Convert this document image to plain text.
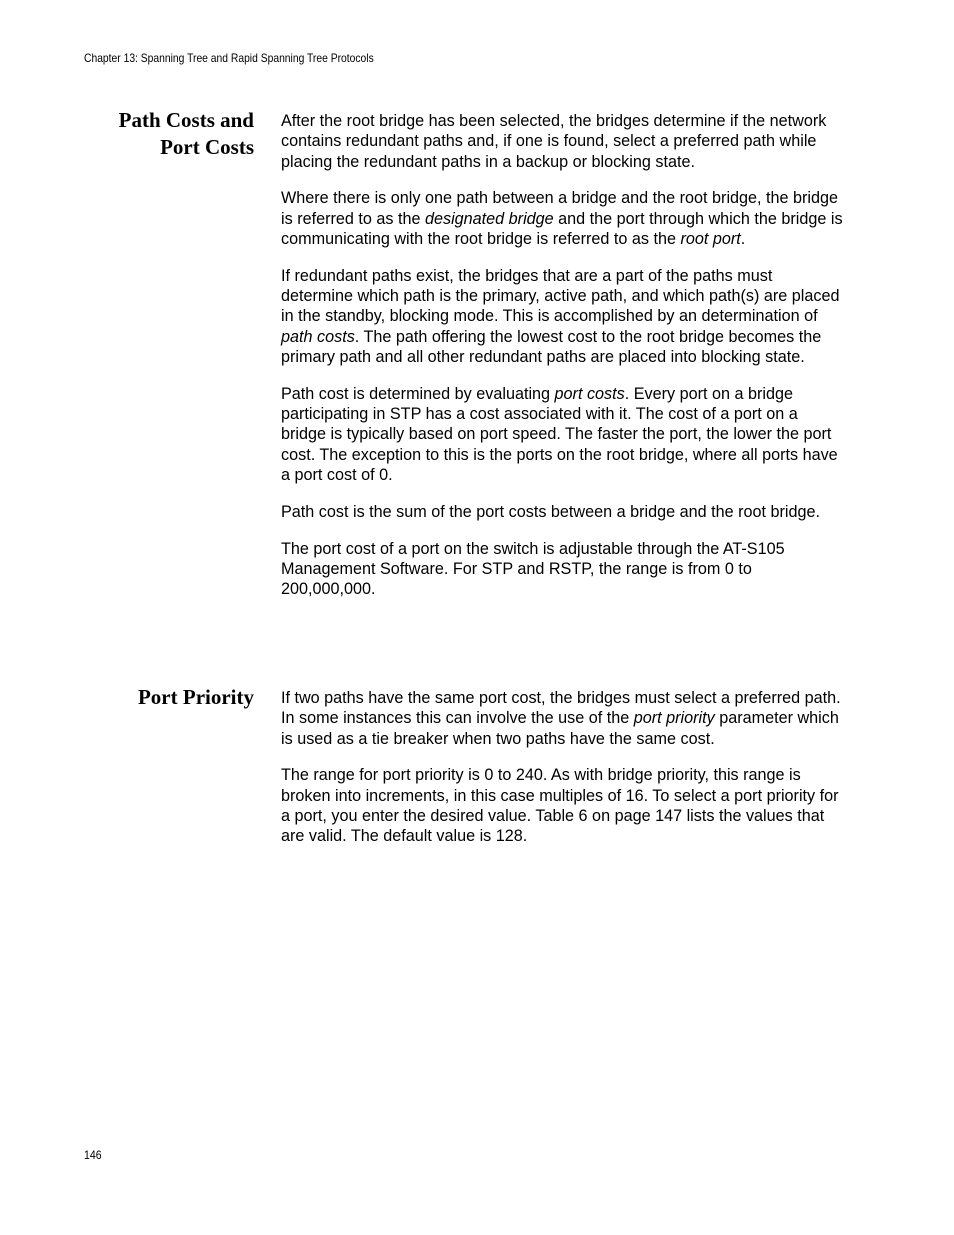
Chapter 13: Spanning Tree and Rapid Spanning Tree Protocols
Path Costs and
Port Costs

After the root bridge has been selected, the bridges determine if the network contains redundant paths and, if one is found, select a preferred path while placing the redundant paths in a backup or blocking state.

Where there is only one path between a bridge and the root bridge, the bridge is referred to as the designated bridge and the port through which the bridge is communicating with the root bridge is referred to as the root port.

If redundant paths exist, the bridges that are a part of the paths must determine which path is the primary, active path, and which path(s) are placed in the standby, blocking mode. This is accomplished by an determination of path costs. The path offering the lowest cost to the root bridge becomes the primary path and all other redundant paths are placed into blocking state.

Path cost is determined by evaluating port costs. Every port on a bridge participating in STP has a cost associated with it. The cost of a port on a bridge is typically based on port speed. The faster the port, the lower the port cost. The exception to this is the ports on the root bridge, where all ports have a port cost of 0.

Path cost is the sum of the port costs between a bridge and the root bridge.

The port cost of a port on the switch is adjustable through the AT-S105 Management Software. For STP and RSTP, the range is from 0 to 200,000,000.

Port Priority If two paths have the same port cost, the bridges must select a preferred path. In some instances this can involve the use of the port priority parameter which is used as a tie breaker when two paths have the same cost.

The range for port priority is 0 to 240. As with bridge priority, this range is broken into increments, in this case multiples of 16. To select a port priority for a port, you enter the desired value. Table 6 on page 147 lists the values that are valid. The default value is 128.

146
